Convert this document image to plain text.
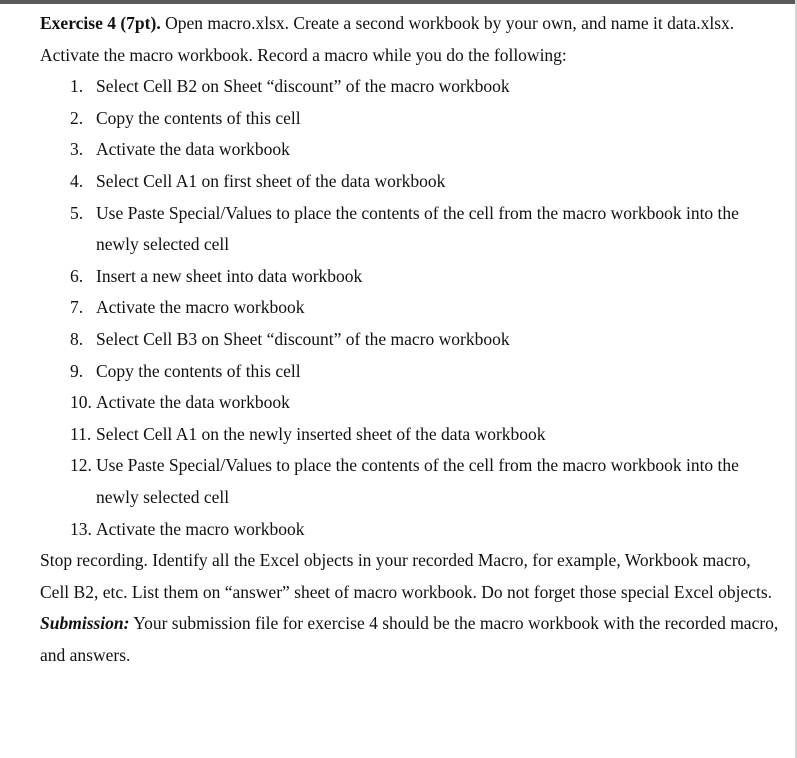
Exercise 4 (7pt). Open macro.xlsx. Create a second workbook by your own, and name it data.xlsx.

Activate the macro workbook. Record a macro while you do the following:

1. Select Cell B2 on Sheet “discount” of the macro workbook
2. Copy the contents of this cell
3. Activate the data workbook
4. Select Cell A1 on first sheet of the data workbook
5. Use Paste Special/Values to place the contents of the cell from the macro workbook into the newly selected cell
6. Insert a new sheet into data workbook
7. Activate the macro workbook
8. Select Cell B3 on Sheet “discount” of the macro workbook
9. Copy the contents of this cell
10. Activate the data workbook
11. Select Cell A1 on the newly inserted sheet of the data workbook
12. Use Paste Special/Values to place the contents of the cell from the macro workbook into the newly selected cell
13. Activate the macro workbook

Stop recording. Identify all the Excel objects in your recorded Macro, for example, Workbook macro, Cell B2, etc. List them on “answer” sheet of macro workbook. Do not forget those special Excel objects.

Submission: Your submission file for exercise 4 should be the macro workbook with the recorded macro, and answers.
